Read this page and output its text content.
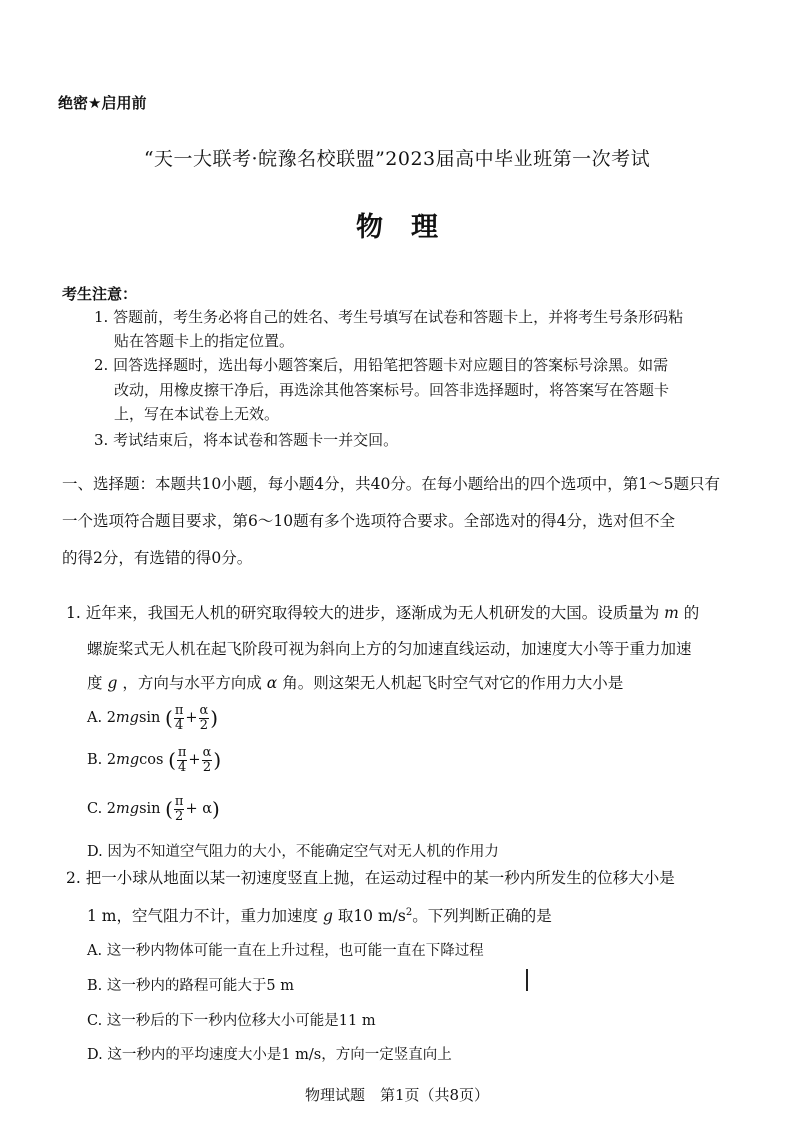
绝密★启用前
“天一大联考·皖豫名校联盟”2023届高中毕业班第一次考试
物理
考生注意：
1. 答题前，考生务必将自己的姓名、考生号填写在试卷和答题卡上，并将考生号条形码粘
贴在答题卡上的指定位置。
2. 回答选择题时，选出每小题答案后，用铅笔把答题卡对应题目的答案标号涂黑。如需
改动，用橡皮擦干净后，再选涂其他答案标号。回答非选择题时，将答案写在答题卡
上，写在本试卷上无效。
3. 考试结束后，将本试卷和答题卡一并交回。
一、选择题：本题共10小题，每小题4分，共40分。在每小题给出的四个选项中，第1～5题只有
一个选项符合题目要求，第6～10题有多个选项符合要求。全部选对的得4分，选对但不全
的得2分，有选错的得0分。
1. 近年来，我国无人机的研究取得较大的进步，逐渐成为无人机研发的大国。设质量为 m 的
螺旋桨式无人机在起飞阶段可视为斜向上方的匀加速直线运动，加速度大小等于重力加速
度 g ，方向与水平方向成 α 角。则这架无人机起飞时空气对它的作用力大小是
A. 2mgsin ( $\frac{\pi}{4} + \frac{\alpha}{2}$ )
B. 2mgcos ( $\frac{\pi}{4} + \frac{\alpha}{2}$ )
C. 2mgsin ( $\frac{\pi}{2} + \alpha$)
D. 因为不知道空气阻力的大小，不能确定空气对无人机的作用力
2. 把一小球从地面以某一初速度竖直上抛，在运动过程中的某一秒内所发生的位移大小是
1 m，空气阻力不计，重力加速度 g 取10 $m/s^2$。下列判断正确的是
A. 这一秒内物体可能一直在上升过程，也可能一直在下降过程
B. 这一秒内的路程可能大于5 m
C. 这一秒后的下一秒内位移大小可能是11 m
D. 这一秒内的平均速度大小是1 m/s，方向一定竖直向上
物理试题　第1页（共8页）
